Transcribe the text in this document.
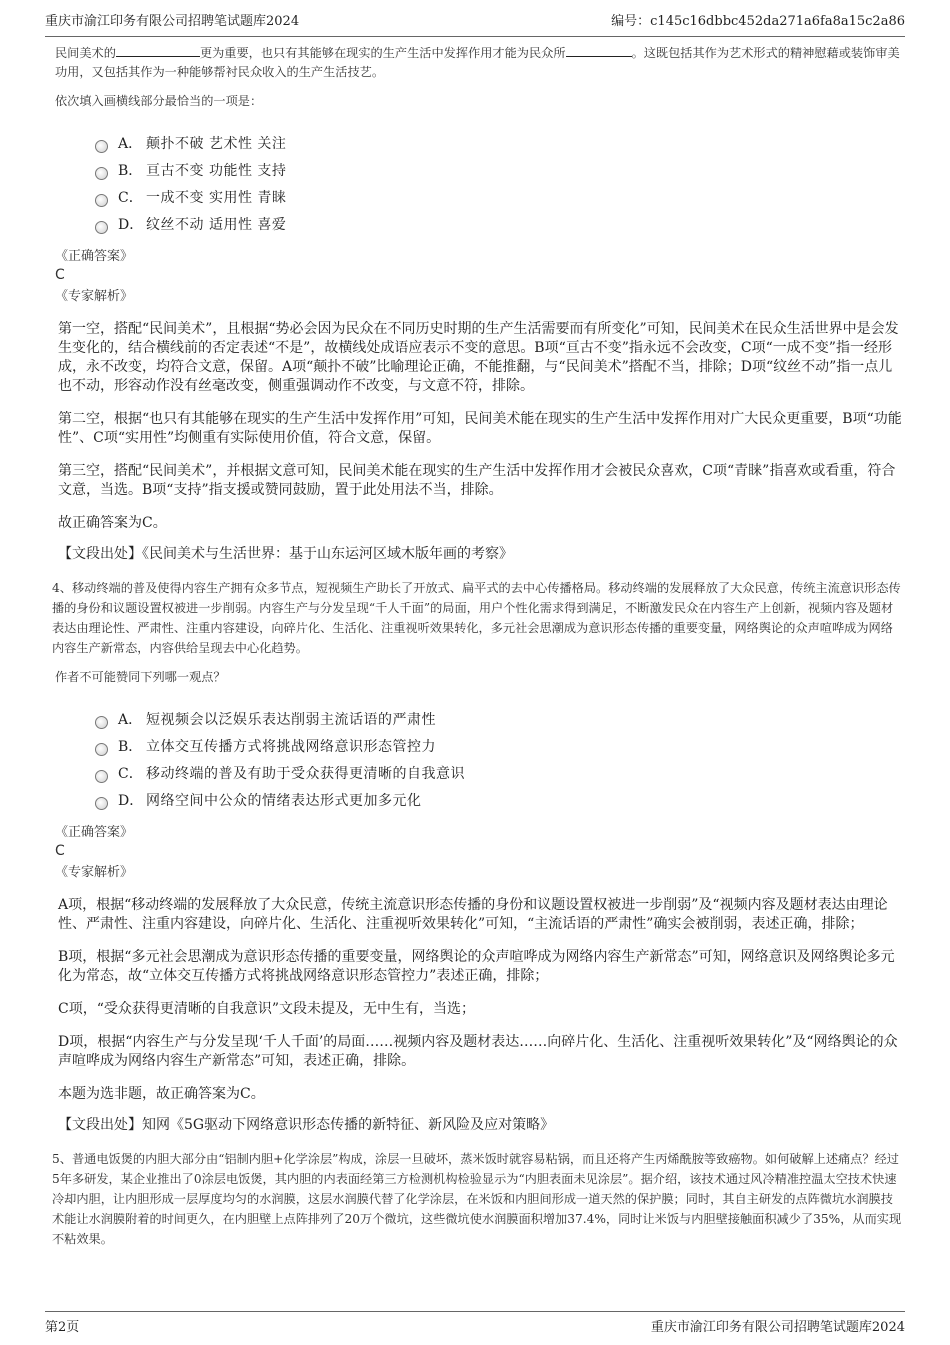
重庆市渝江印务有限公司招聘笔试题库2024	编号：c145c16dbbc452da271a6fa8a15c2a86

民间美术的	更为重要，也只有其能够在现实的生产生活中发挥作用才能为民众所	。这既包括其作为艺术形式的精神慰藉或装饰审美功用，又包括其作为一种能够帮衬民众收入的生产生活技艺。

依次填入画横线部分最恰当的一项是：

A． 颠扑不破 艺术性 关注
B． 亘古不变 功能性 支持
C． 一成不变 实用性 青睐
D． 纹丝不动 适用性 喜爱

《正确答案》

C

《专家解析》

第一空，搭配“民间美术”，且根据“势必会因为民众在不同历史时期的生产生活需要而有所变化”可知，民间美术在民众生活世界中是会发生变化的，结合横线前的否定表述“不是”，故横线处成语应表示不变的意思。B项“亘古不变”指永远不会改变，C项“一成不变”指一经形成，永不改变，均符合文意，保留。A项“颠扑不破”比喻理论正确，不能推翻，与“民间美术”搭配不当，排除；D项“纹丝不动”指一点儿也不动，形容动作没有丝毫改变，侧重强调动作不改变，与文意不符，排除。

第二空，根据“也只有其能够在现实的生产生活中发挥作用”可知，民间美术能在现实的生产生活中发挥作用对广大民众更重要，B项“功能性”、C项“实用性”均侧重有实际使用价值，符合文意，保留。

第三空，搭配“民间美术”，并根据文意可知，民间美术能在现实的生产生活中发挥作用才会被民众喜欢，C项“青睐”指喜欢或看重，符合文意，当选。B项“支持”指支援或赞同鼓励，置于此处用法不当，排除。

故正确答案为C。

【文段出处】《民间美术与生活世界：基于山东运河区域木版年画的考察》

4、移动终端的普及使得内容生产拥有众多节点，短视频生产助长了开放式、扁平式的去中心传播格局。移动终端的发展释放了大众民意，传统主流意识形态传播的身份和议题设置权被进一步削弱。内容生产与分发呈现“千人千面”的局面，用户个性化需求得到满足，不断激发民众在内容生产上创新，视频内容及题材表达由理论性、严肃性、注重内容建设，向碎片化、生活化、注重视听效果转化，多元社会思潮成为意识形态传播的重要变量，网络舆论的众声喧哗成为网络内容生产新常态，内容供给呈现去中心化趋势。

作者不可能赞同下列哪一观点？

A． 短视频会以泛娱乐表达削弱主流话语的严肃性
B． 立体交互传播方式将挑战网络意识形态管控力
C． 移动终端的普及有助于受众获得更清晰的自我意识
D． 网络空间中公众的情绪表达形式更加多元化

《正确答案》

C

《专家解析》

A项，根据“移动终端的发展释放了大众民意，传统主流意识形态传播的身份和议题设置权被进一步削弱”及“视频内容及题材表达由理论性、严肃性、注重内容建设，向碎片化、生活化、注重视听效果转化”可知，“主流话语的严肃性”确实会被削弱，表述正确，排除；

B项，根据“多元社会思潮成为意识形态传播的重要变量，网络舆论的众声喧哗成为网络内容生产新常态”可知，网络意识及网络舆论多元化为常态，故“立体交互传播方式将挑战网络意识形态管控力”表述正确，排除；

C项，“受众获得更清晰的自我意识”文段未提及，无中生有，当选；

D项，根据“内容生产与分发呈现‘千人千面’的局面……视频内容及题材表达……向碎片化、生活化、注重视听效果转化”及“网络舆论的众声喧哗成为网络内容生产新常态”可知，表述正确，排除。

本题为选非题，故正确答案为C。

【文段出处】知网《5G驱动下网络意识形态传播的新特征、新风险及应对策略》

5、普通电饭煲的内胆大部分由“铝制内胆+化学涂层”构成，涂层一旦破坏，蒸米饭时就容易粘锅，而且还将产生丙烯酰胺等致癌物。如何破解上述痛点？经过5年多研发，某企业推出了0涂层电饭煲，其内胆的内表面经第三方检测机构检验显示为“内胆表面未见涂层”。据介绍，该技术通过风冷精准控温太空技术快速冷却内胆，让内胆形成一层厚度均匀的水润膜，这层水润膜代替了化学涂层，在米饭和内胆间形成一道天然的保护膜；同时，其自主研发的点阵微坑水润膜技术能让水润膜附着的时间更久，在内胆壁上点阵排列了20万个微坑，这些微坑使水润膜面积增加37.4%，同时让米饭与内胆壁接触面积减少了35%，从而实现不粘效果。

第2页	重庆市渝江印务有限公司招聘笔试题库2024
